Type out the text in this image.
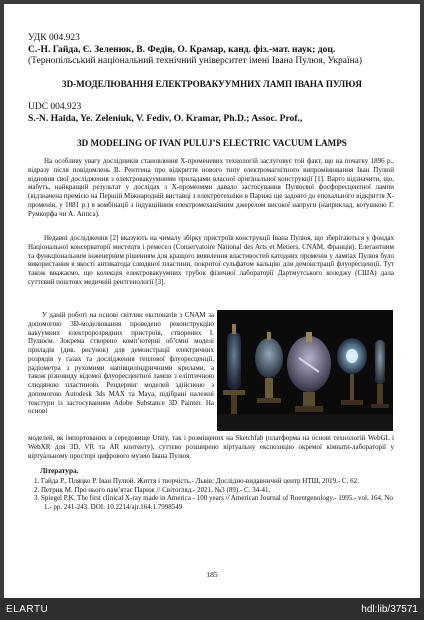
УДК 004.923
С.-Н. Гайда, Є. Зеленюк, В. Федів, О. Крамар, канд. фіз.-мат. наук; доц.
(Тернопільський національний технічний університет імені Івана Пулюя, Україна)
3D-МОДЕЛЮВАННЯ ЕЛЕКТРОВАКУУМНИХ ЛАМП ІВАНА ПУЛЮЯ
UDC 004.923
S.-N. Haida, Ye. Zeleniuk, V. Fediv, O. Kramar, Ph.D.; Assoc. Prof.,
3D MODELING OF IVAN PULUJ’S ELECTRIC VACUUM LAMPS
На особливу увагу дослідників становлення Х-променевих технологій заслуговує той факт, що на початку 1896 р., відразу після повідомлень В. Рентгена про відкриття нового типу електромагнітного випромінювання Іван Пулюй відновив свої дослідження з електровакуумними приладами власної оригінальної конструкції [1]. Варто відзначити, що, мабуть, найкращий результат у дослідах з Х-променями давало застосування Пулюєвої фосфоресцентної лампи (відзначена премією на Першій Міжнародній виставці з електротехніки в Парижі ще задовго до епохального відкриття Х-променів, у 1881 р.) в комбінації з індукційним електромеханічним джерелом високої напруги (наприклад, котушкою Г. Румкорфа чи А. Аппса).
Недавні дослідження [2] вказують на чималу збірку пристроїв конструкції Івана Пулюя, що зберігаються у фондах Національної консерваторії мистецтв і ремесел (Conservatoire National des Arts et Metiers, CNAM, Франція). Елегантним та функціональним інженерним рішенням для кращого виявлення властивостей катодних променів у лампах Пулюя було використання в якості антикатода слюдяної пластини, покритої сульфатом кальцію для демонстрації флуоресценції. Тут також вважаємо, що колекція електровакуумних трубок фізичної лабораторії Дартмутського коледжу (США) дала суттєвий поштовх медичній рентгенології [3].
У даній роботі на основі світлин експонатів з CNAM за допомогою 3D-моделювання проведено реконструкцію вакуумних електророзрядних пристроїв, створених І. Пулюєм. Зокрема створено комп’ютерні об’ємні моделі приладів (див. рисунок) для демонстрації електричних розрядів у газах та дослідження теплової флуоресценції, радіометра з рухомими напівциліндричними крилами, а також різновиду відомої флуоресцентної лампи з еліптичною слюдяною пластиною. Рендеринг моделей здійснено з допомогою Autodesk 3ds MAX та Maya, підібрані належні текстури із застосуванням Adobe Substance 3D Painter. На основі
моделей, як імпортованих в середовище Unity, так і розміщених на Sketchfab (платформа на основі технологій WebGL і WebXR для 3D, VR та AR контенту), суттєво розширено віртуальну експозицію окремої кімнати-лабораторії у віртуальному просторі цифрового музею Івана Пулюя.
Література.
1. Гайда Р., Пляцко Р. Іван Пулюй. Життя і творчість.- Львів: Дослідно-видавничий центр НТШ, 2019.- С. 62.
2. Петрик М. Про нього пам’ятає Париж // Світогляд.- 2021, №3 (89).- С. 34-41.
3. Spiegel P.K. The first clinical X-ray made in America - 100 years // American Journal of Roentgenology.- 1995.- vol. 164, No 1.- pp. 241-243. DOI: 10.2214/ajr.164.1.7998549
185
ELARTU	hdl:lib/37571
